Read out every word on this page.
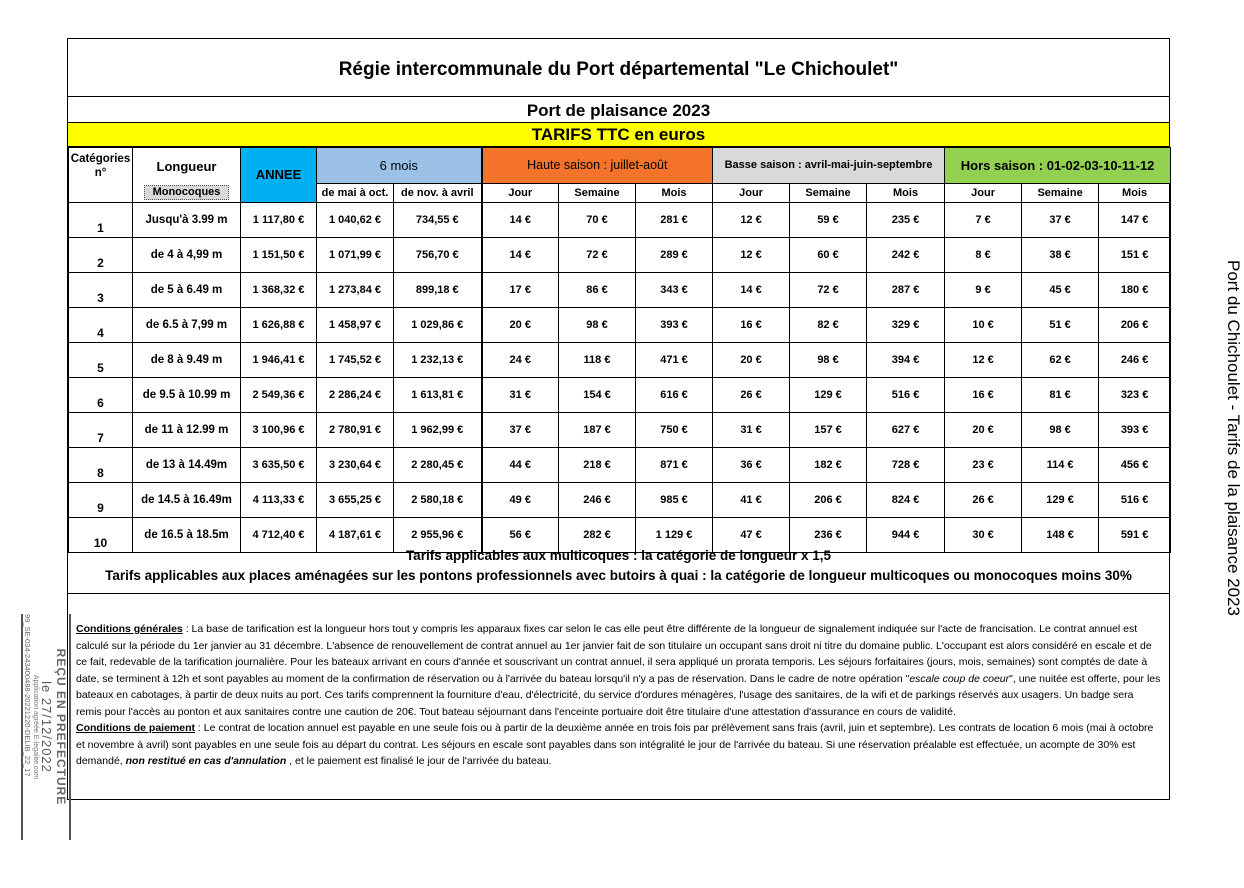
Régie intercommunale du Port départemental "Le Chichoulet"
Port de plaisance 2023
TARIFS TTC en euros
Catégories n°	Longueur	ANNEE	6 mois		Haute saison : juillet-août			Basse saison : avril-mai-juin-septembre			Hors saison : 01-02-03-10-11-12		
	Monocoques		de mai à oct.	de nov. à avril	Jour	Semaine	Mois	Jour	Semaine	Mois	Jour	Semaine	Mois
1	Jusqu'à 3.99 m	1 117,80 €	1 040,62 €	734,55 €	14 €	70 €	281 €	12 €	59 €	235 €	7 €	37 €	147 €
2	de 4 à 4,99 m	1 151,50 €	1 071,99 €	756,70 €	14 €	72 €	289 €	12 €	60 €	242 €	8 €	38 €	151 €
3	de 5 à 6.49 m	1 368,32 €	1 273,84 €	899,18 €	17 €	86 €	343 €	14 €	72 €	287 €	9 €	45 €	180 €
4	de 6.5 à 7,99 m	1 626,88 €	1 458,97 €	1 029,86 €	20 €	98 €	393 €	16 €	82 €	329 €	10 €	51 €	206 €
5	de 8 à 9.49 m	1 946,41 €	1 745,52 €	1 232,13 €	24 €	118 €	471 €	20 €	98 €	394 €	12 €	62 €	246 €
6	de 9.5 à 10.99 m	2 549,36 €	2 286,24 €	1 613,81 €	31 €	154 €	616 €	26 €	129 €	516 €	16 €	81 €	323 €
7	de 11 à 12.99 m	3 100,96 €	2 780,91 €	1 962,99 €	37 €	187 €	750 €	31 €	157 €	627 €	20 €	98 €	393 €
8	de 13 à 14.49m	3 635,50 €	3 230,64 €	2 280,45 €	44 €	218 €	871 €	36 €	182 €	728 €	23 €	114 €	456 €
9	de 14.5 à 16.49m	4 113,33 €	3 655,25 €	2 580,18 €	49 €	246 €	985 €	41 €	206 €	824 €	26 €	129 €	516 €
10	de 16.5 à 18.5m	4 712,40 €	4 187,61 €	2 955,96 €	56 €	282 €	1 129 €	47 €	236 €	944 €	30 €	148 €	591 €
Tarifs applicables aux multicoques : la catégorie de longueur x 1,5
Tarifs applicables aux places aménagées sur les pontons professionnels avec butoirs à quai : la catégorie de longueur multicoques ou monocoques moins 30%
Conditions générales : La base de tarification est la longueur hors tout y compris les apparaux fixes car selon le cas elle peut être différente de la longueur de signalement indiquée sur l'acte de francisation. Le contrat annuel est calculé sur la période du 1er janvier au 31 décembre. L'absence de renouvellement de contrat annuel au 1er janvier fait de son titulaire un occupant sans droit ni titre du domaine public. L'occupant est alors considéré en escale et de ce fait, redevable de la tarification journalière. Pour les bateaux arrivant en cours d'année et souscrivant un contrat annuel, il sera appliqué un prorata temporis. Les séjours forfaitaires (jours, mois, semaines) sont comptés de date à date, se terminent à 12h et sont payables au moment de la confirmation de réservation ou à l'arrivée du bateau lorsqu'il n'y a pas de réservation. Dans le cadre de notre opération "escale coup de coeur", une nuitée est offerte, pour les bateaux en cabotages, à partir de deux nuits au port. Ces tarifs comprennent la fourniture d'eau, d'électricité, du service d'ordures ménagères, l'usage des sanitaires, de la wifi et de parkings réservés aux usagers. Un badge sera remis pour l'accès au ponton et aux sanitaires contre une caution de 20€. Tout bateau séjournant dans l'enceinte portuaire doit être titulaire d'une attestation d'assurance en cours de validité.
Conditions de paiement : Le contrat de location annuel est payable en une seule fois ou à partir de la deuxième année en trois fois par prélèvement sans frais (avril, juin et septembre). Les contrats de location 6 mois (mai à octobre et novembre à avril) sont payables en une seule fois au départ du contrat. Les séjours en escale sont payables dans son intégralité le jour de l'arrivée du bateau. Si une réservation préalable est effectuée, un acompte de 30% est demandé, non restitué en cas d'annulation , et le paiement est finalisé le jour de l'arrivée du bateau.
Port du Chichoulet - Tarifs de la plaisance 2023
REÇU EN PREFECTURE
le 27/12/2022
Application agréée E-legalite.com
99_SE-034-243400488-20221220-DELIB_22_17
